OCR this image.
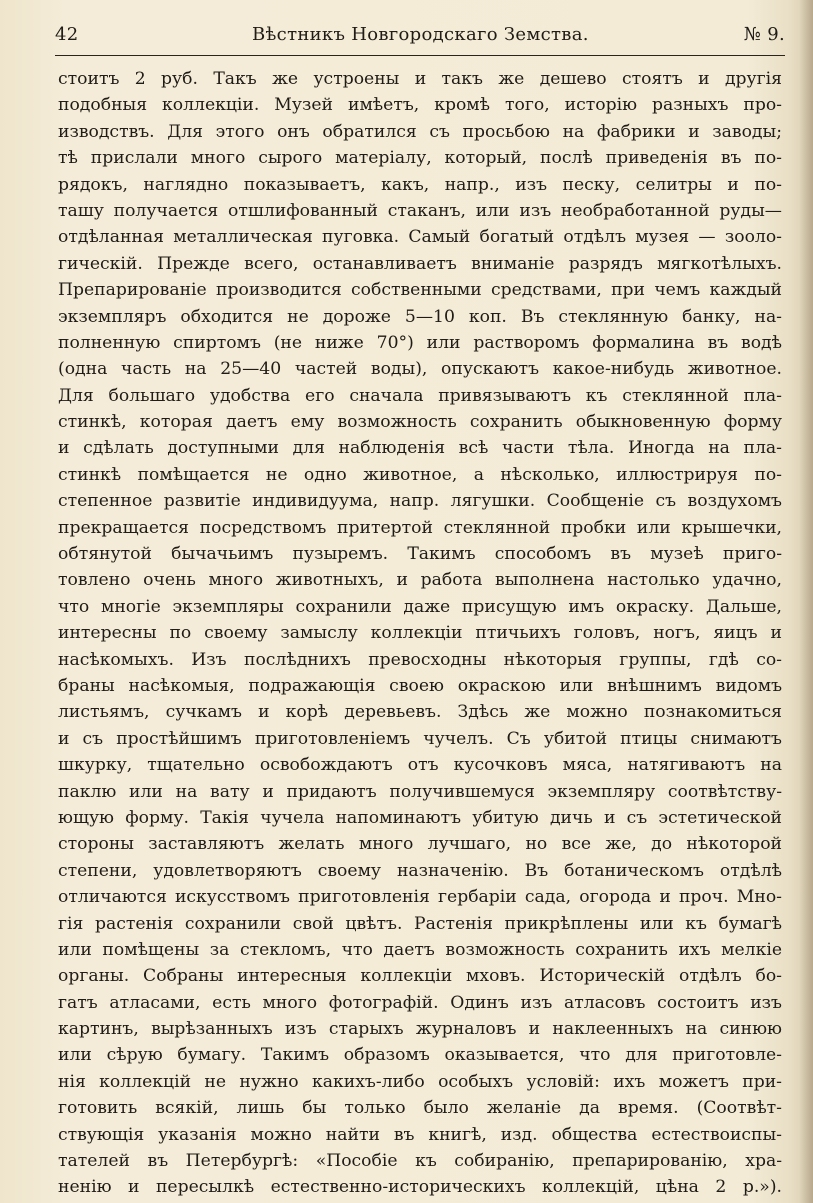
42	Вѣстникъ Новгородскаго Земства.	№ 9.
стоитъ 2 руб. Такъ же устроены и такъ же дешево стоятъ и другія
подобныя коллекціи. Музей имѣетъ, кромѣ того, исторію разныхъ про-
изводствъ. Для этого онъ обратился съ просьбою на фабрики и заводы;
тѣ прислали много сырого матеріалу, который, послѣ приведенія въ по-
рядокъ, наглядно показываетъ, какъ, напр., изъ песку, селитры и по-
ташу получается отшлифованный стаканъ, или изъ необработанной руды—
отдѣланная металлическая пуговка. Самый богатый отдѣлъ музея — зооло-
гическій. Прежде всего, останавливаетъ вниманіе разрядъ мягкотѣлыхъ.
Препарированіе производится собственными средствами, при чемъ каждый
экземпляръ обходится не дороже 5—10 коп. Въ стеклянную банку, на-
полненную спиртомъ (не ниже 70°) или растворомъ формалина въ водѣ
(одна часть на 25—40 частей воды), опускаютъ какое-нибудь животное.
Для большаго удобства его сначала привязываютъ къ стеклянной пла-
стинкѣ, которая даетъ ему возможность сохранить обыкновенную форму
и сдѣлать доступными для наблюденія всѣ части тѣла. Иногда на пла-
стинкѣ помѣщается не одно животное, а нѣсколько, иллюстрируя по-
степенное развитіе индивидуума, напр. лягушки. Сообщеніе съ воздухомъ
прекращается посредствомъ притертой стеклянной пробки или крышечки,
обтянутой бычачьимъ пузыремъ. Такимъ способомъ въ музеѣ приго-
товлено очень много животныхъ, и работа выполнена настолько удачно,
что многіе экземпляры сохранили даже присущую имъ окраску. Дальше,
интересны по своему замыслу коллекціи птичьихъ головъ, ногъ, яицъ и
насѣкомыхъ. Изъ послѣднихъ превосходны нѣкоторыя группы, гдѣ со-
браны насѣкомыя, подражающія своею окраскою или внѣшнимъ видомъ
листьямъ, сучкамъ и корѣ деревьевъ. Здѣсь же можно познакомиться
и съ простѣйшимъ приготовленіемъ чучелъ. Съ убитой птицы снимаютъ
шкурку, тщательно освобождаютъ отъ кусочковъ мяса, натягиваютъ на
паклю или на вату и придаютъ получившемуся экземпляру соотвѣтству-
ющую форму. Такія чучела напоминаютъ убитую дичь и съ эстетической
стороны заставляютъ желать много лучшаго, но все же, до нѣкоторой
степени, удовлетворяютъ своему назначенію. Въ ботаническомъ отдѣлѣ
отличаются искусствомъ приготовленія гербаріи сада, огорода и проч. Мно-
гія растенія сохранили свой цвѣтъ. Растенія прикрѣплены или къ бумагѣ
или помѣщены за стекломъ, что даетъ возможность сохранить ихъ мелкіе
органы. Собраны интересныя коллекціи мховъ. Историческій отдѣлъ бо-
гатъ атласами, есть много фотографій. Одинъ изъ атласовъ состоитъ изъ
картинъ, вырѣзанныхъ изъ старыхъ журналовъ и наклеенныхъ на синюю
или сѣрую бумагу. Такимъ образомъ оказывается, что для приготовле-
нія коллекцій не нужно какихъ-либо особыхъ условій: ихъ можетъ при-
готовить всякій, лишь бы только было желаніе да время. (Соотвѣт-
ствующія указанія можно найти въ книгѣ, изд. общества естествоиспы-
тателей въ Петербургѣ: «Пособіе къ собиранію, препарированію, хра-
ненію и пересылкѣ естественно-историческихъ коллекцій, цѣна 2 р.»).
